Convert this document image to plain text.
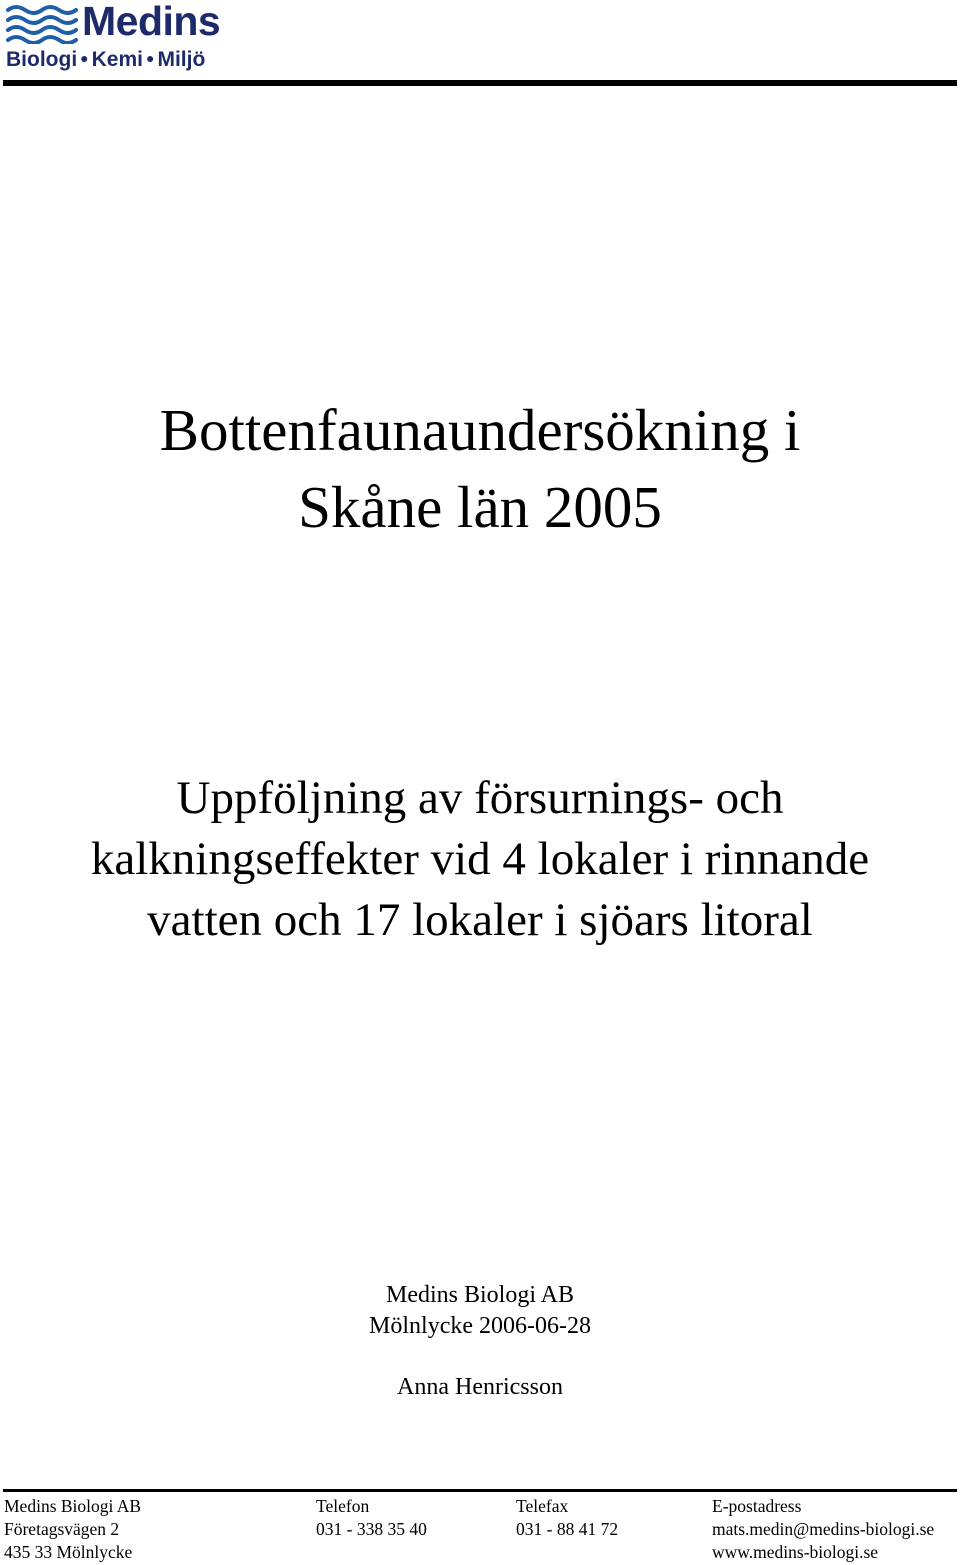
Medins
Biologi ● Kemi ● Miljö
Bottenfaunaundersökning i
Skåne län 2005
Uppföljning av försurnings- och
kalkningseffekter vid 4 lokaler i rinnande
vatten och 17 lokaler i sjöars litoral
Medins Biologi AB
Mölnlycke 2006-06-28
Anna Henricsson
Medins Biologi AB
Företagsvägen 2
435 33 Mölnlycke
Telefon
031 - 338 35 40
Telefax
031 - 88 41 72
E-postadress
mats.medin@medins-biologi.se
www.medins-biologi.se
